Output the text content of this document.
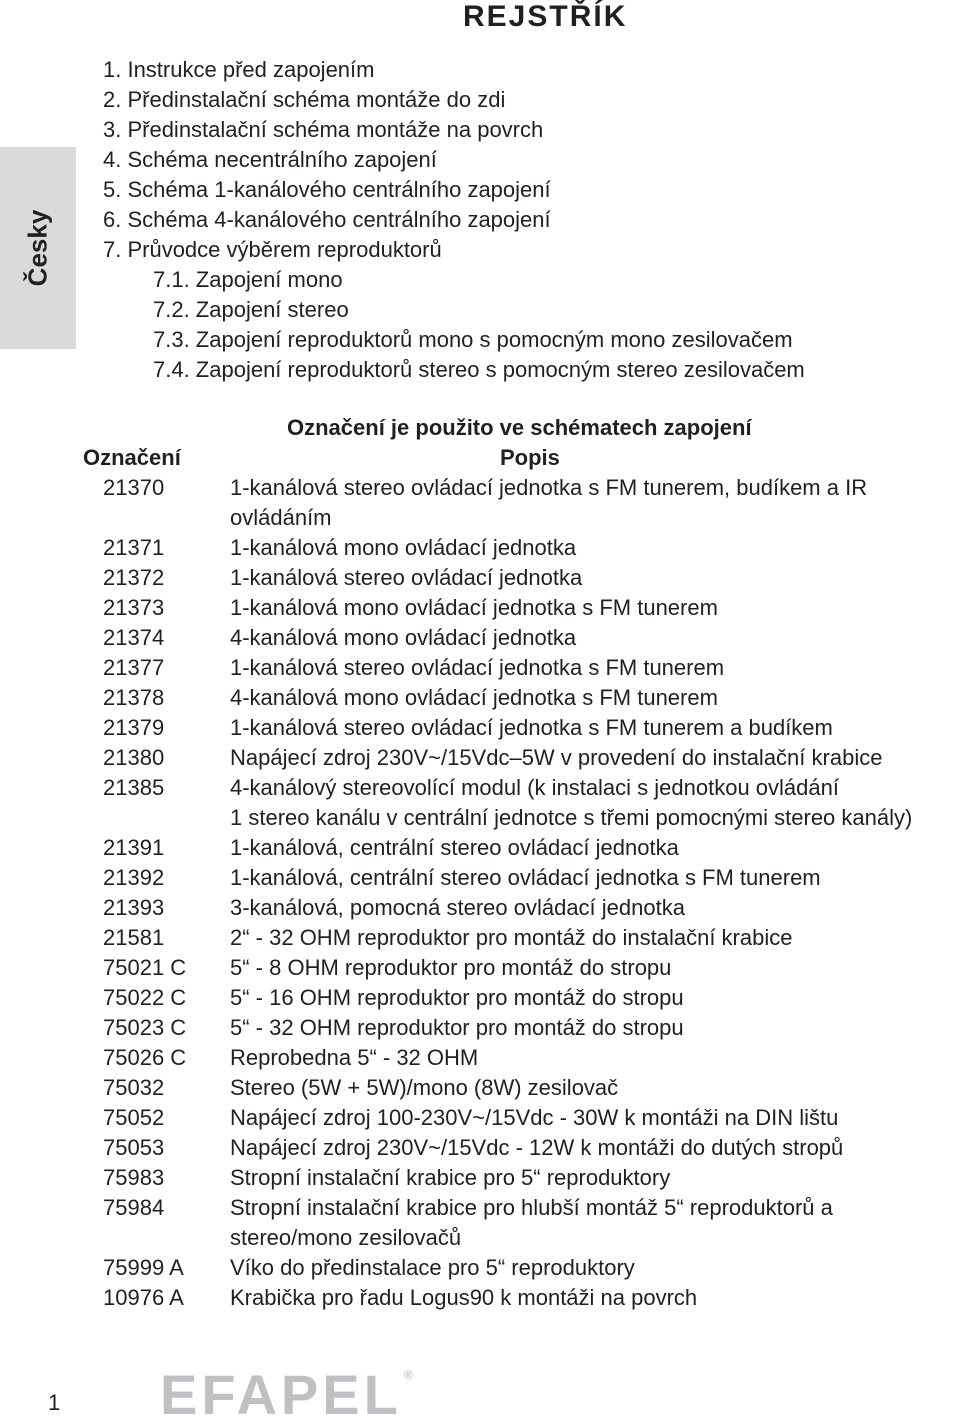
Česky
REJSTŘÍK
1. Instrukce před zapojením
2. Předinstalační schéma montáže do zdi
3. Předinstalační schéma montáže na povrch
4. Schéma necentrálního zapojení
5. Schéma 1-kanálového centrálního zapojení
6. Schéma 4-kanálového centrálního zapojení
7. Průvodce výběrem reproduktorů
7.1. Zapojení mono
7.2. Zapojení stereo
7.3. Zapojení reproduktorů mono s pomocným mono zesilovačem
7.4. Zapojení reproduktorů stereo s pomocným stereo zesilovačem
Označení je použito ve schématech zapojení
Označení	Popis
21370	1-kanálová stereo ovládací jednotka s FM tunerem, budíkem a IR
ovládáním
21371	1-kanálová mono ovládací jednotka
21372	1-kanálová stereo ovládací jednotka
21373	1-kanálová mono ovládací jednotka s FM tunerem
21374	4-kanálová mono ovládací jednotka
21377	1-kanálová stereo ovládací jednotka s FM tunerem
21378	4-kanálová mono ovládací jednotka s FM tunerem
21379	1-kanálová stereo ovládací jednotka s FM tunerem a budíkem
21380	Napájecí zdroj 230V~/15Vdc–5W v provedení do instalační krabice
21385	4-kanálový stereovolící modul (k instalaci s jednotkou ovládání
1 stereo kanálu v centrální jednotce s třemi pomocnými stereo kanály)
21391	1-kanálová, centrální stereo ovládací jednotka
21392	1-kanálová, centrální stereo ovládací jednotka s FM tunerem
21393	3-kanálová, pomocná stereo ovládací jednotka
21581	2“ - 32 OHM reproduktor pro montáž do instalační krabice
75021 C	5“ - 8 OHM reproduktor pro montáž do stropu
75022 C	5“ - 16 OHM reproduktor pro montáž do stropu
75023 C	5“ - 32 OHM reproduktor pro montáž do stropu
75026 C	Reprobedna 5“ - 32 OHM
75032	Stereo (5W + 5W)/mono (8W) zesilovač
75052	Napájecí zdroj 100-230V~/15Vdc - 30W k montáži na DIN lištu
75053	Napájecí zdroj 230V~/15Vdc - 12W k montáži do dutých stropů
75983	Stropní instalační krabice pro 5“ reproduktory
75984	Stropní instalační krabice pro hlubší montáž 5“ reproduktorů a
stereo/mono zesilovačů
75999 A	Víko do předinstalace pro 5“ reproduktory
10976 A	Krabička pro řadu Logus90 k montáži na povrch
1 EFAPEL ®
